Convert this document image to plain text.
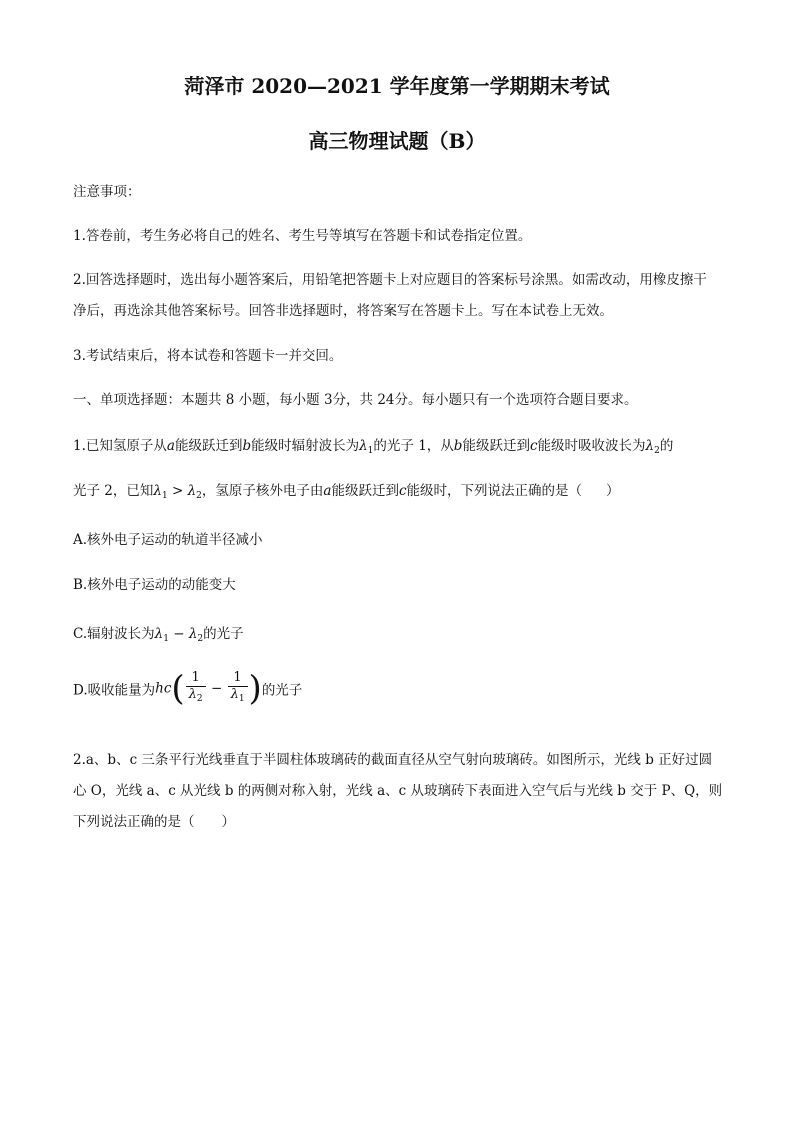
菏泽市 2020—2021 学年度第一学期期末考试
高三物理试题（B）
注意事项：
1.答卷前，考生务必将自己的姓名、考生号等填写在答题卡和试卷指定位置。
2.回答选择题时，选出每小题答案后，用铅笔把答题卡上对应题目的答案标号涂黑。如需改动，用橡皮擦干
净后，再选涂其他答案标号。回答非选择题时，将答案写在答题卡上。写在本试卷上无效。
3.考试结束后，将本试卷和答题卡一并交回。
一、单项选择题：本题共 8 小题，每小题 3分，共 24分。每小题只有一个选项符合题目要求。
1.已知氢原子从a能级跃迁到b能级时辐射波长为$\lambda_1$的光子 1，从b能级跃迁到c能级时吸收波长为$\lambda_2$的
光子 2，已知$\lambda_1 > \lambda_2$，氢原子核外电子由a能级跃迁到c能级时，下列说法正确的是（ ）
A.核外电子运动的轨道半径减小
B.核外电子运动的动能变大
C.辐射波长为$\lambda_1 - \lambda_2$的光子
D.吸收能量为$hc( \frac{1}{\lambda_2} - \frac{1}{\lambda_1}$ )的光子
2.a、b、c 三条平行光线垂直于半圆柱体玻璃砖的截面直径从空气射向玻璃砖。如图所示，光线 b 正好过圆
心 O，光线 a、c 从光线 b 的两侧对称入射，光线 a、c 从玻璃砖下表面进入空气后与光线 b 交于 P、Q，则
下列说法正确的是（　　）
